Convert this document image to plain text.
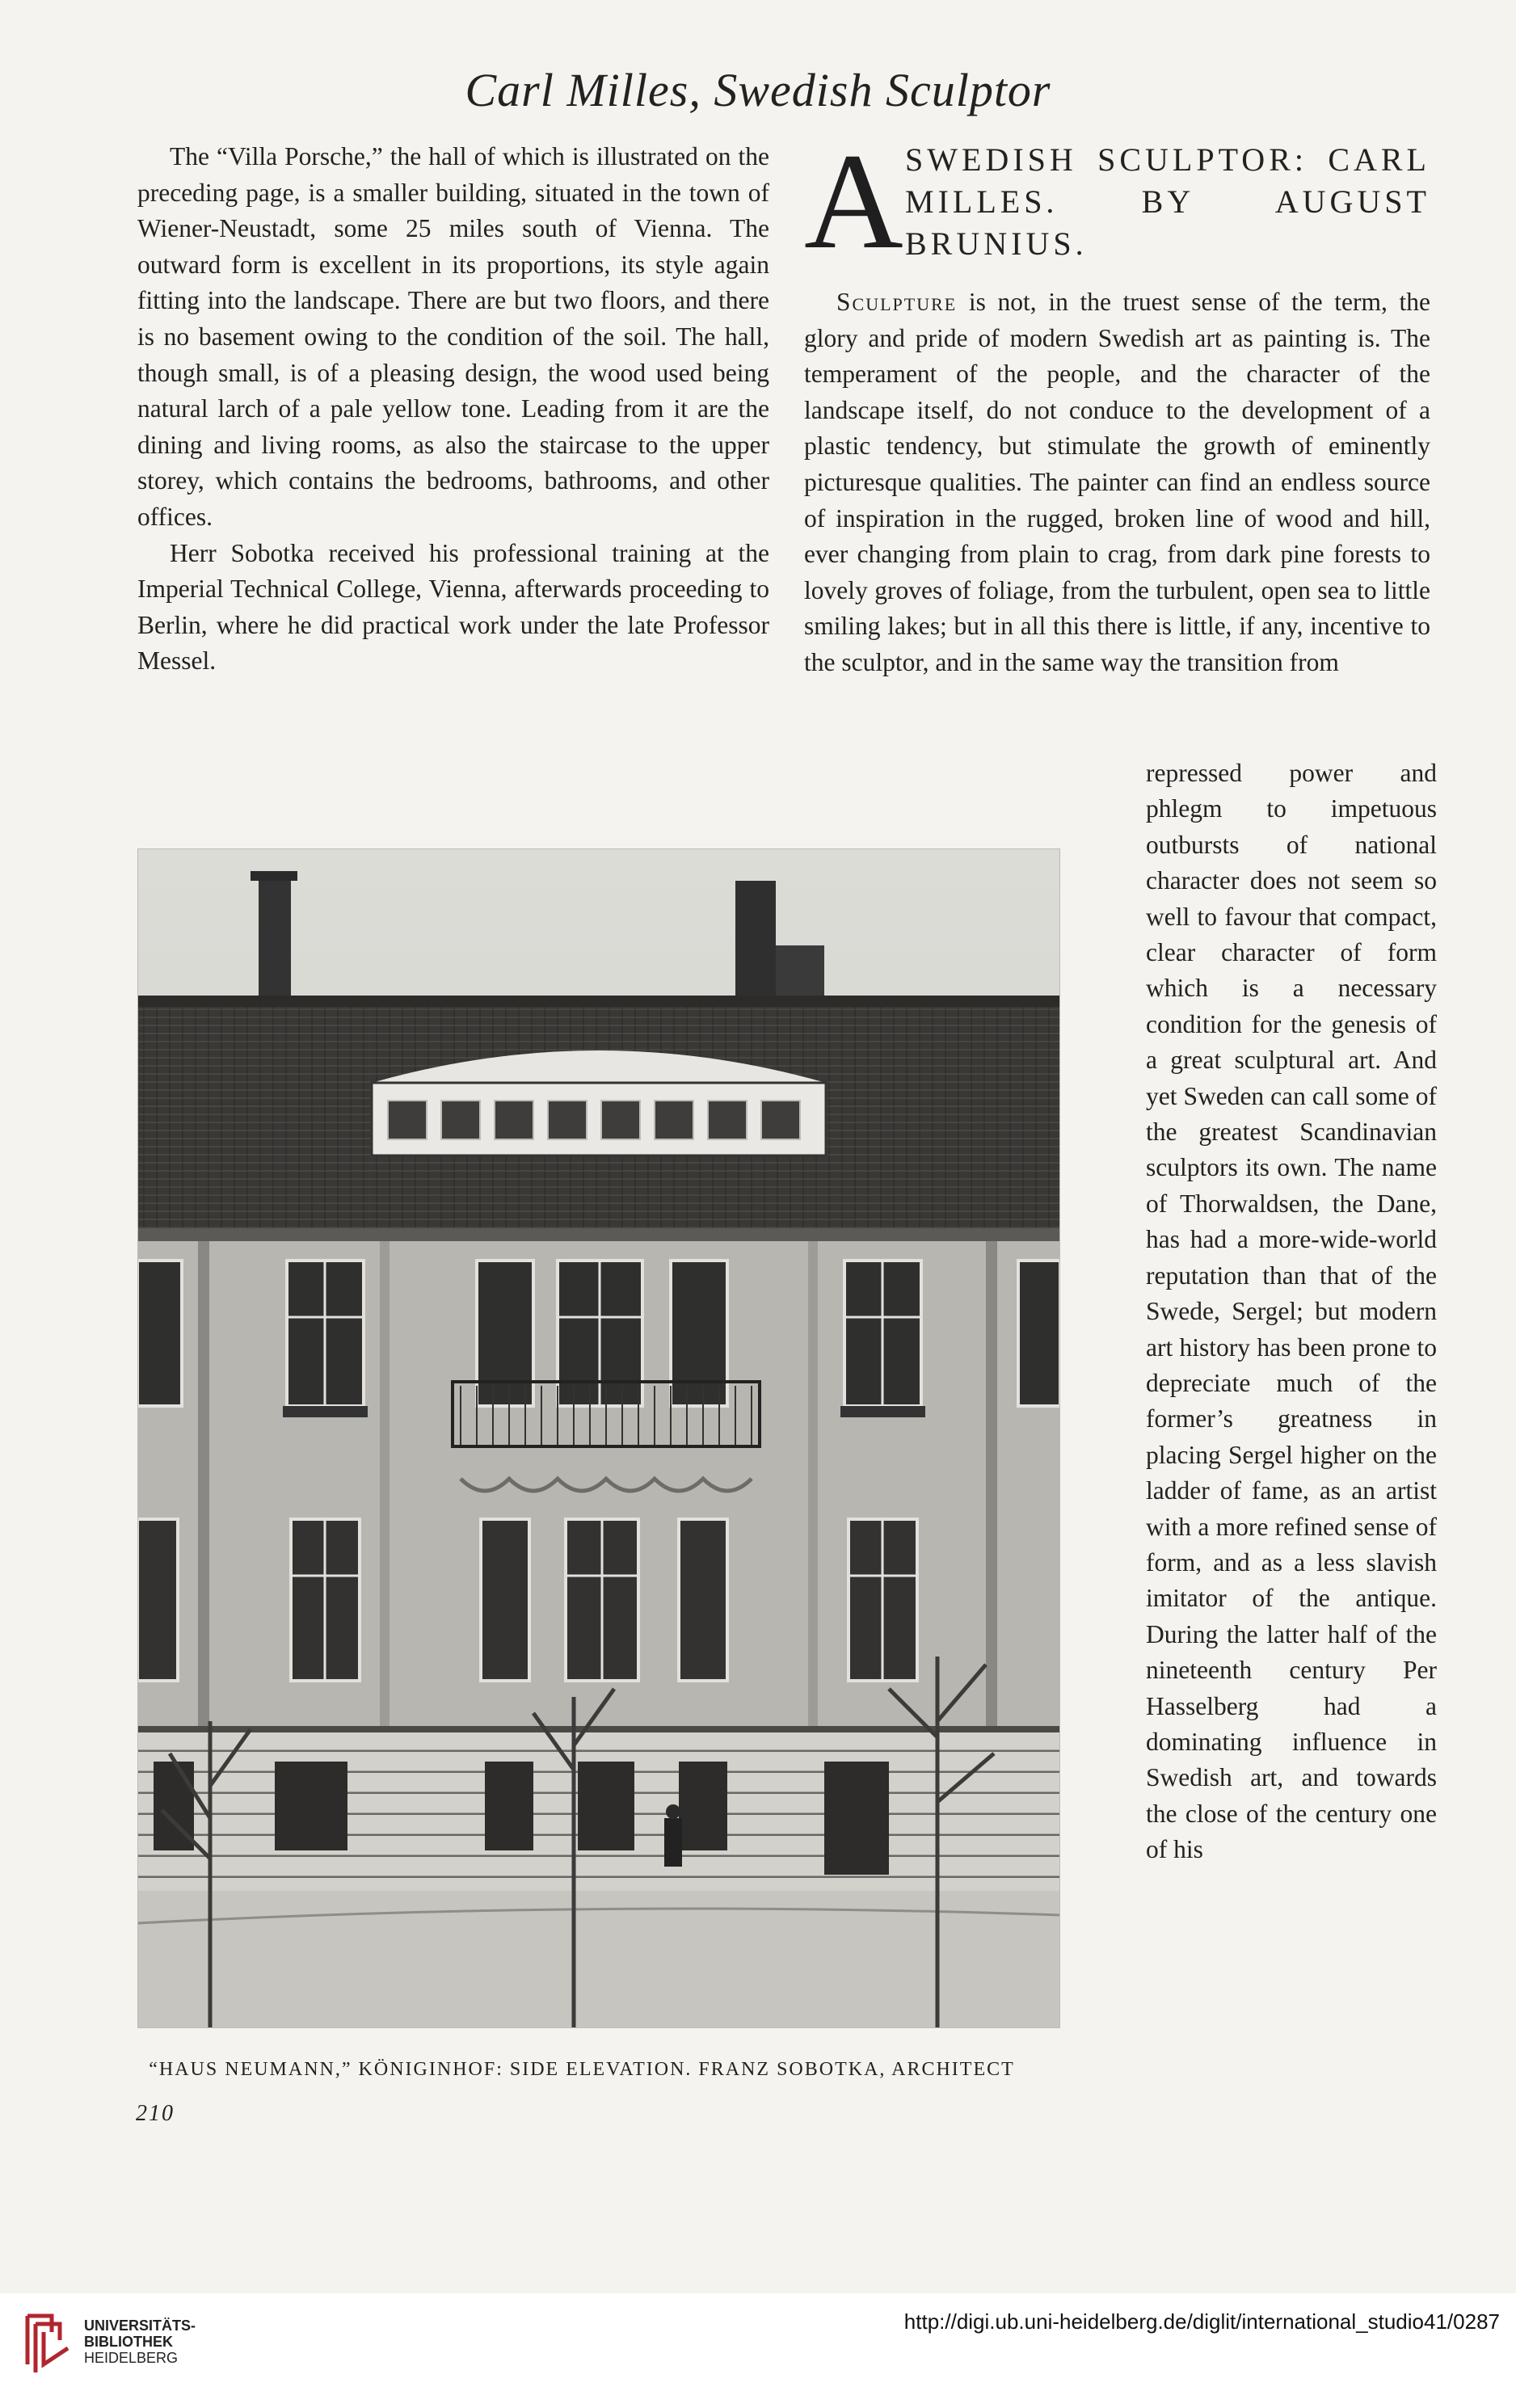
Carl Milles, Swedish Sculptor

The “Villa Porsche,” the hall of which is illustrated on the preceding page, is a smaller building, situated in the town of Wiener-Neustadt, some 25 miles south of Vienna. The outward form is excellent in its proportions, its style again fitting into the landscape. There are but two floors, and there is no basement owing to the condition of the soil. The hall, though small, is of a pleasing design, the wood used being natural larch of a pale yellow tone. Leading from it are the dining and living rooms, as also the staircase to the upper storey, which contains the bedrooms, bathrooms, and other offices.

Herr Sobotka received his professional training at the Imperial Technical College, Vienna, afterwards proceeding to Berlin, where he did practical work under the late Professor Messel.

A SWEDISH SCULPTOR: CARL MILLES. BY AUGUST BRUNIUS.

Sculpture is not, in the truest sense of the term, the glory and pride of modern Swedish art as painting is. The temperament of the people, and the character of the landscape itself, do not conduce to the development of a plastic tendency, but stimulate the growth of eminently picturesque qualities. The painter can find an endless source of inspiration in the rugged, broken line of wood and hill, ever changing from plain to crag, from dark pine forests to lovely groves of foliage, from the turbulent, open sea to little smiling lakes; but in all this there is little, if any, incentive to the sculptor, and in the same way the transition from

repressed power and phlegm to impetuous outbursts of national character does not seem so well to favour that compact, clear character of form which is a necessary condition for the genesis of a great sculptural art. And yet Sweden can call some of the greatest Scandinavian sculptors its own. The name of Thorwaldsen, the Dane, has had a more-wide-world reputation than that of the Swede, Sergel; but modern art history has been prone to depreciate much of the former’s greatness in placing Sergel higher on the ladder of fame, as an artist with a more refined sense of form, and as a less slavish imitator of the antique. During the latter half of the nineteenth century Per Hasselberg had a dominating influence in Swedish art, and towards the close of the century one of his

“HAUS NEUMANN,” KÖNIGINHOF: SIDE ELEVATION. FRANZ SOBOTKA, ARCHITECT
210
UNIVERSITÄTS-
BIBLIOTHEK
HEIDELBERG
http://digi.ub.uni-heidelberg.de/diglit/international_studio41/0287
